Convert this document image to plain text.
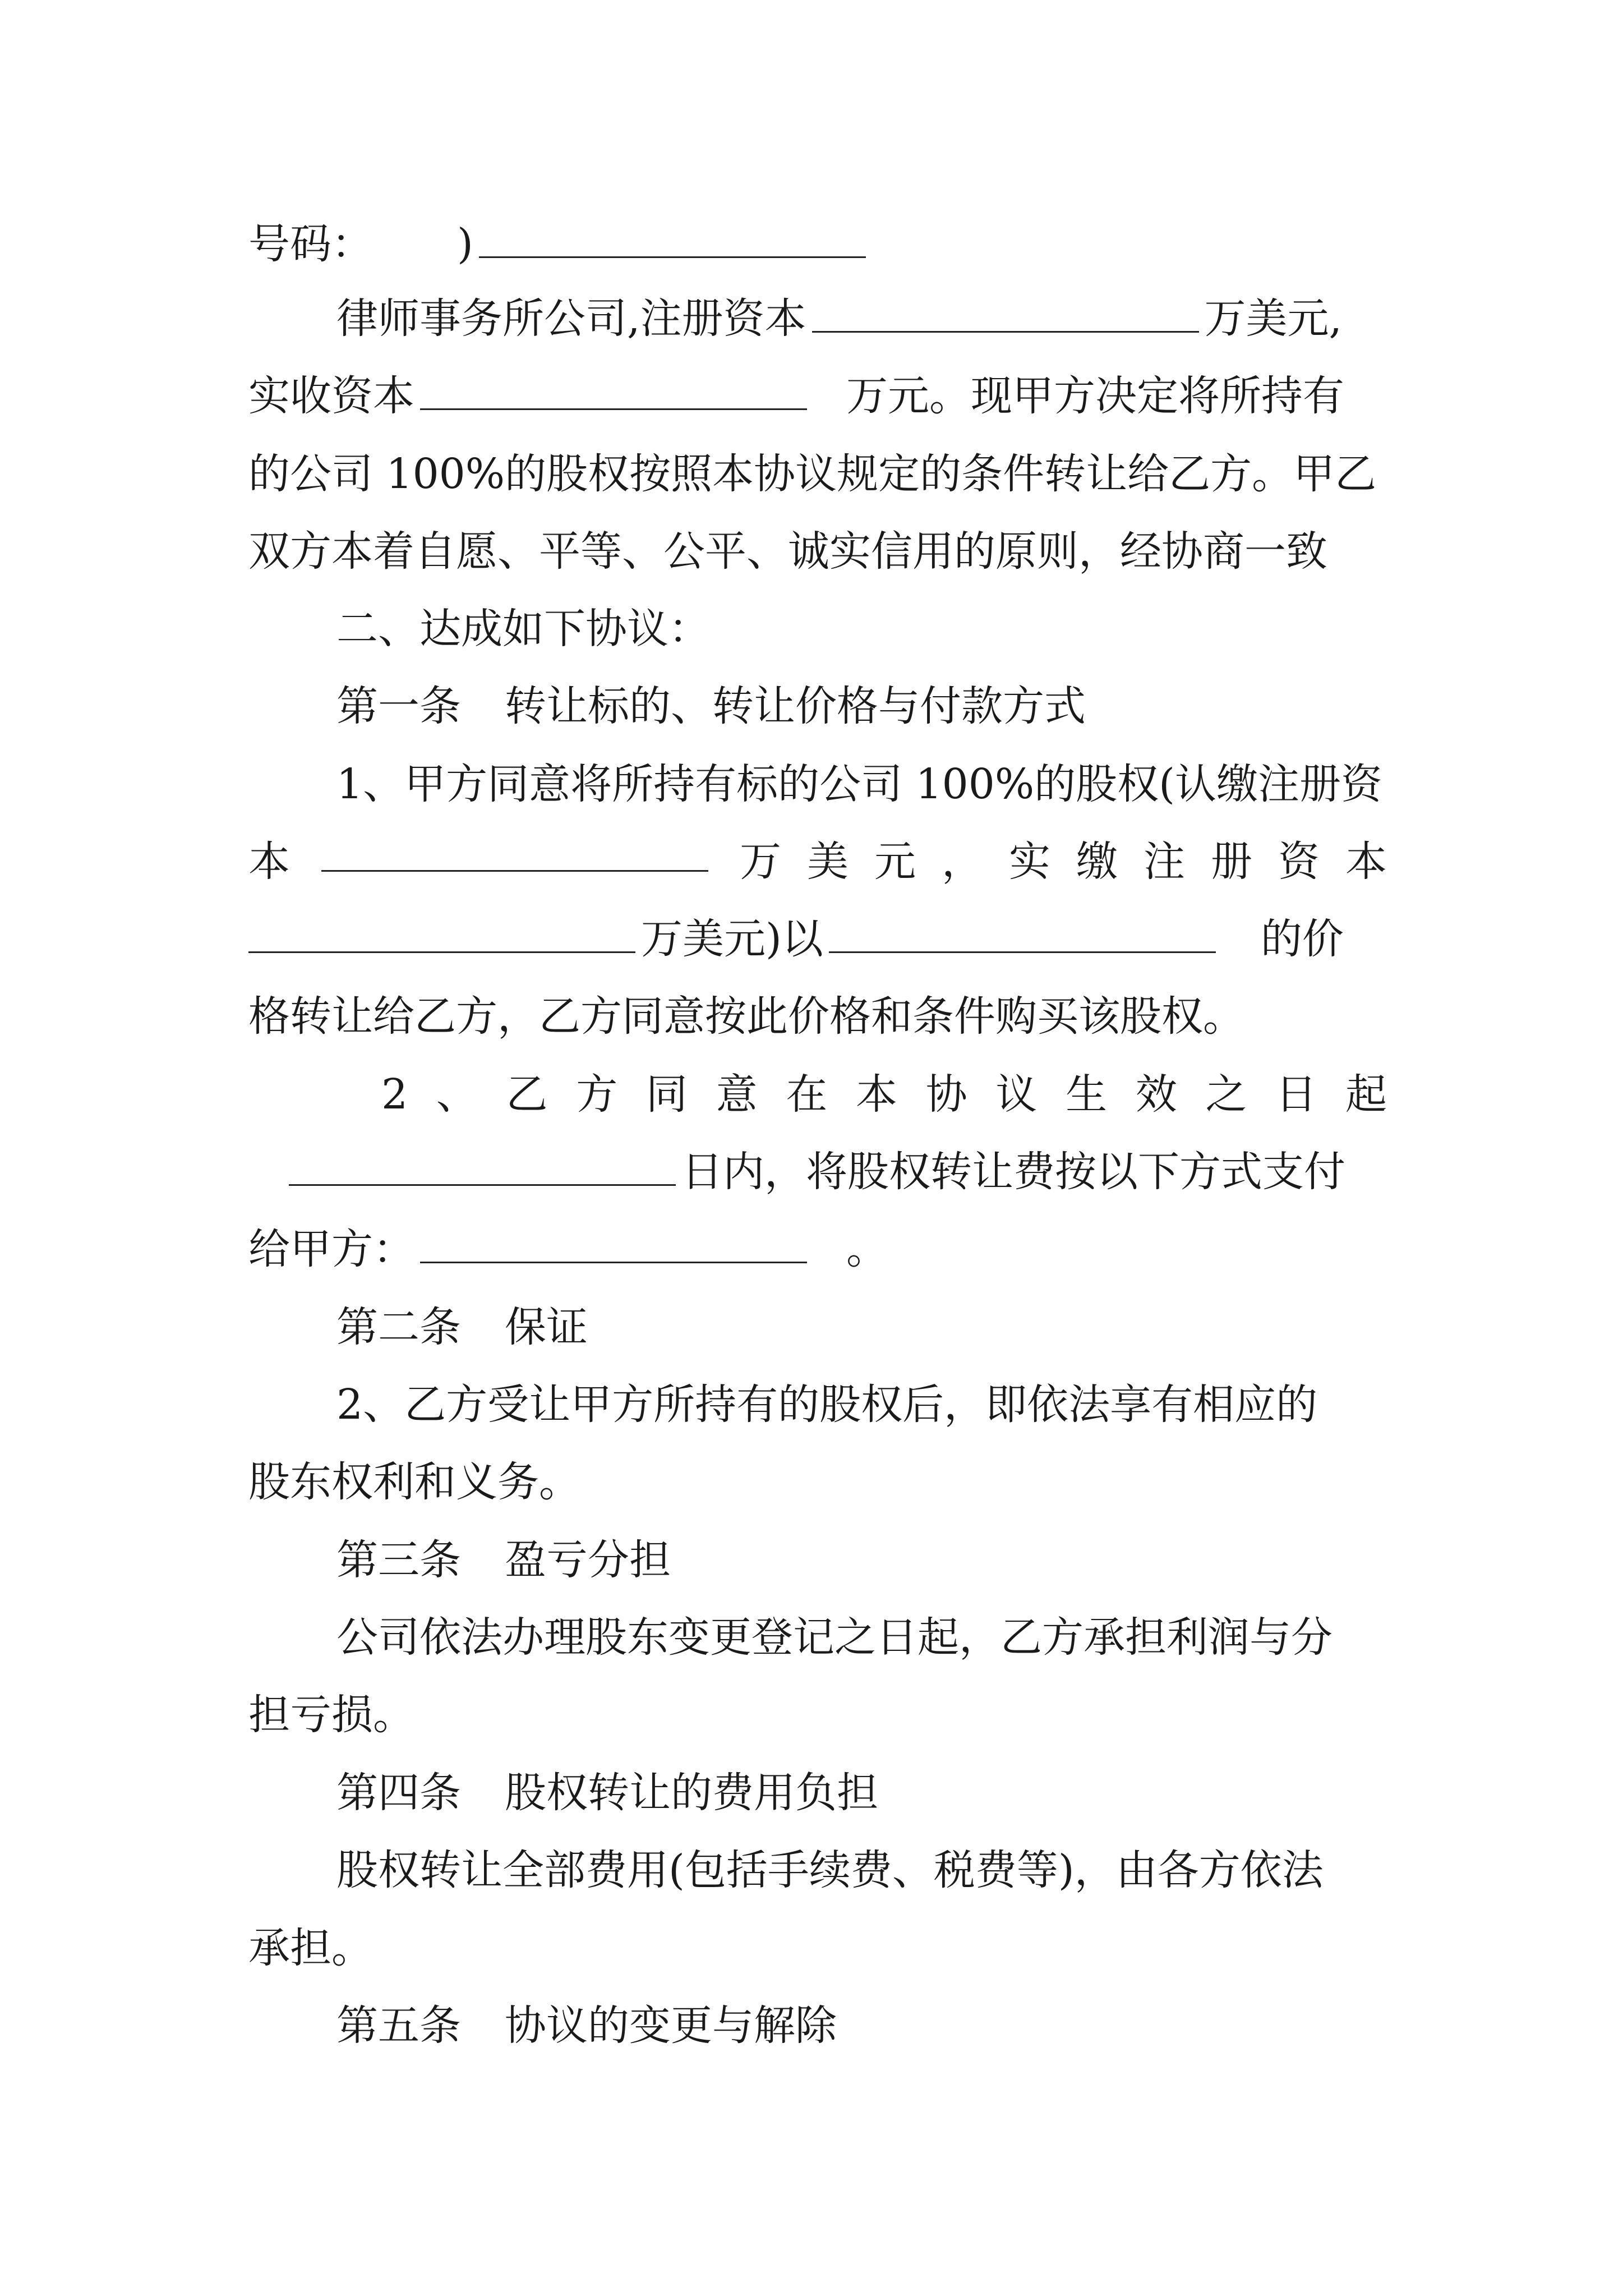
号码： )
律师事务所公司,注册资本	万美元,
实收资本	万元。现甲方决定将所持有
的公司 100%的股权按照本协议规定的条件转让给乙方。甲乙
双方本着自愿、平等、公平、诚实信用的原则，经协商一致
二、达成如下协议：
第一条 转让标的、转让价格与付款方式
1、甲方同意将所持有标的公司 100%的股权(认缴注册资
本	万 美 元 ， 实 缴 注 册 资 本
万美元)以	的价
格转让给乙方，乙方同意按此价格和条件购买该股权。
2 、 乙 方 同 意 在 本 协 议 生 效 之 日 起
日内，将股权转让费按以下方式支付
给甲方：	。
第二条 保证
2、乙方受让甲方所持有的股权后，即依法享有相应的
股东权利和义务。
第三条 盈亏分担
公司依法办理股东变更登记之日起，乙方承担利润与分
担亏损。
第四条 股权转让的费用负担
股权转让全部费用(包括手续费、税费等)，由各方依法
承担。
第五条 协议的变更与解除
